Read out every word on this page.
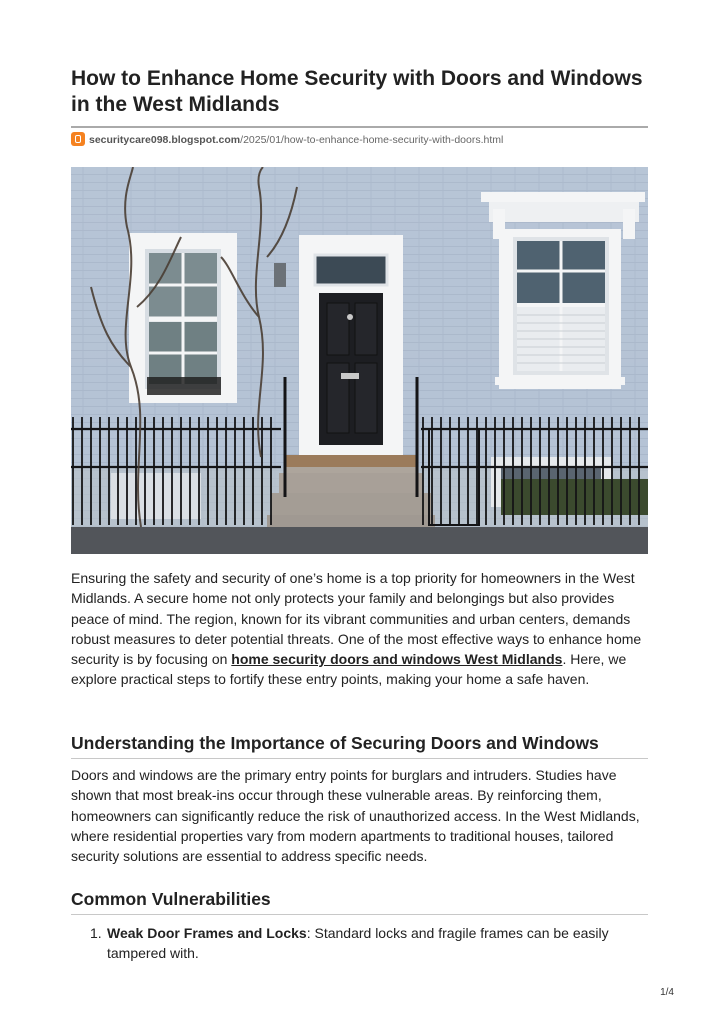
How to Enhance Home Security with Doors and Windows in the West Midlands
securitycare098.blogspot.com/2025/01/how-to-enhance-home-security-with-doors.html

Ensuring the safety and security of one’s home is a top priority for homeowners in the West Midlands. A secure home not only protects your family and belongings but also provides peace of mind. The region, known for its vibrant communities and urban centers, demands robust measures to deter potential threats. One of the most effective ways to enhance home security is by focusing on home security doors and windows West Midlands. Here, we explore practical steps to fortify these entry points, making your home a safe haven.

Understanding the Importance of Securing Doors and Windows

Doors and windows are the primary entry points for burglars and intruders. Studies have shown that most break-ins occur through these vulnerable areas. By reinforcing them, homeowners can significantly reduce the risk of unauthorized access. In the West Midlands, where residential properties vary from modern apartments to traditional houses, tailored security solutions are essential to address specific needs.

Common Vulnerabilities
1. Weak Door Frames and Locks: Standard locks and fragile frames can be easily tampered with.
1/4
